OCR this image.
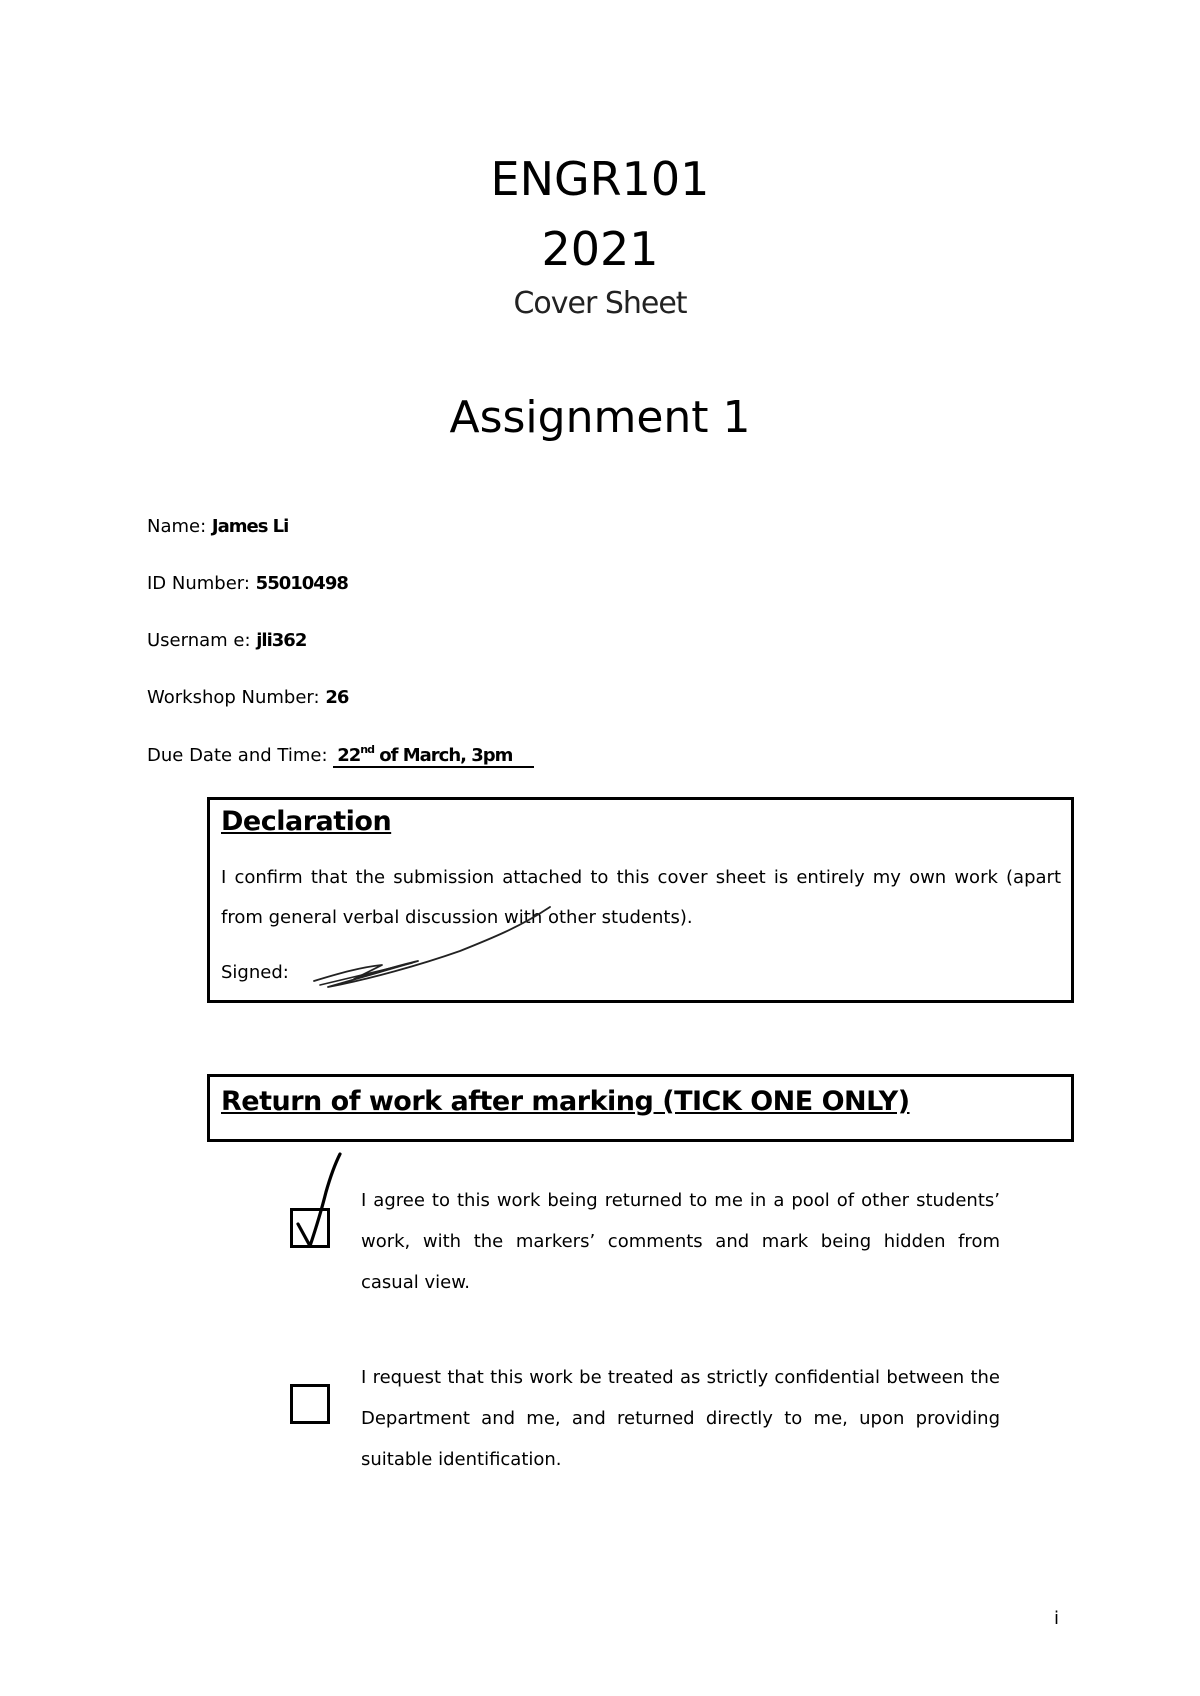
ENGR101
2021
Cover Sheet
Assignment 1
Name: James Li
ID Number: 55010498
Usernam e: jli362
Workshop Number: 26
Due Date and Time: 22nd of March, 3pm
Declaration

I confirm that the submission attached to this cover sheet is entirely my own work (apart from general verbal discussion with other students).

Signed:
Return of work after marking (TICK ONE ONLY)

I agree to this work being returned to me in a pool of other students’ work, with the markers’ comments and mark being hidden from casual view.

I request that this work be treated as strictly confidential between the Department and me, and returned directly to me, upon providing suitable identification.

i
